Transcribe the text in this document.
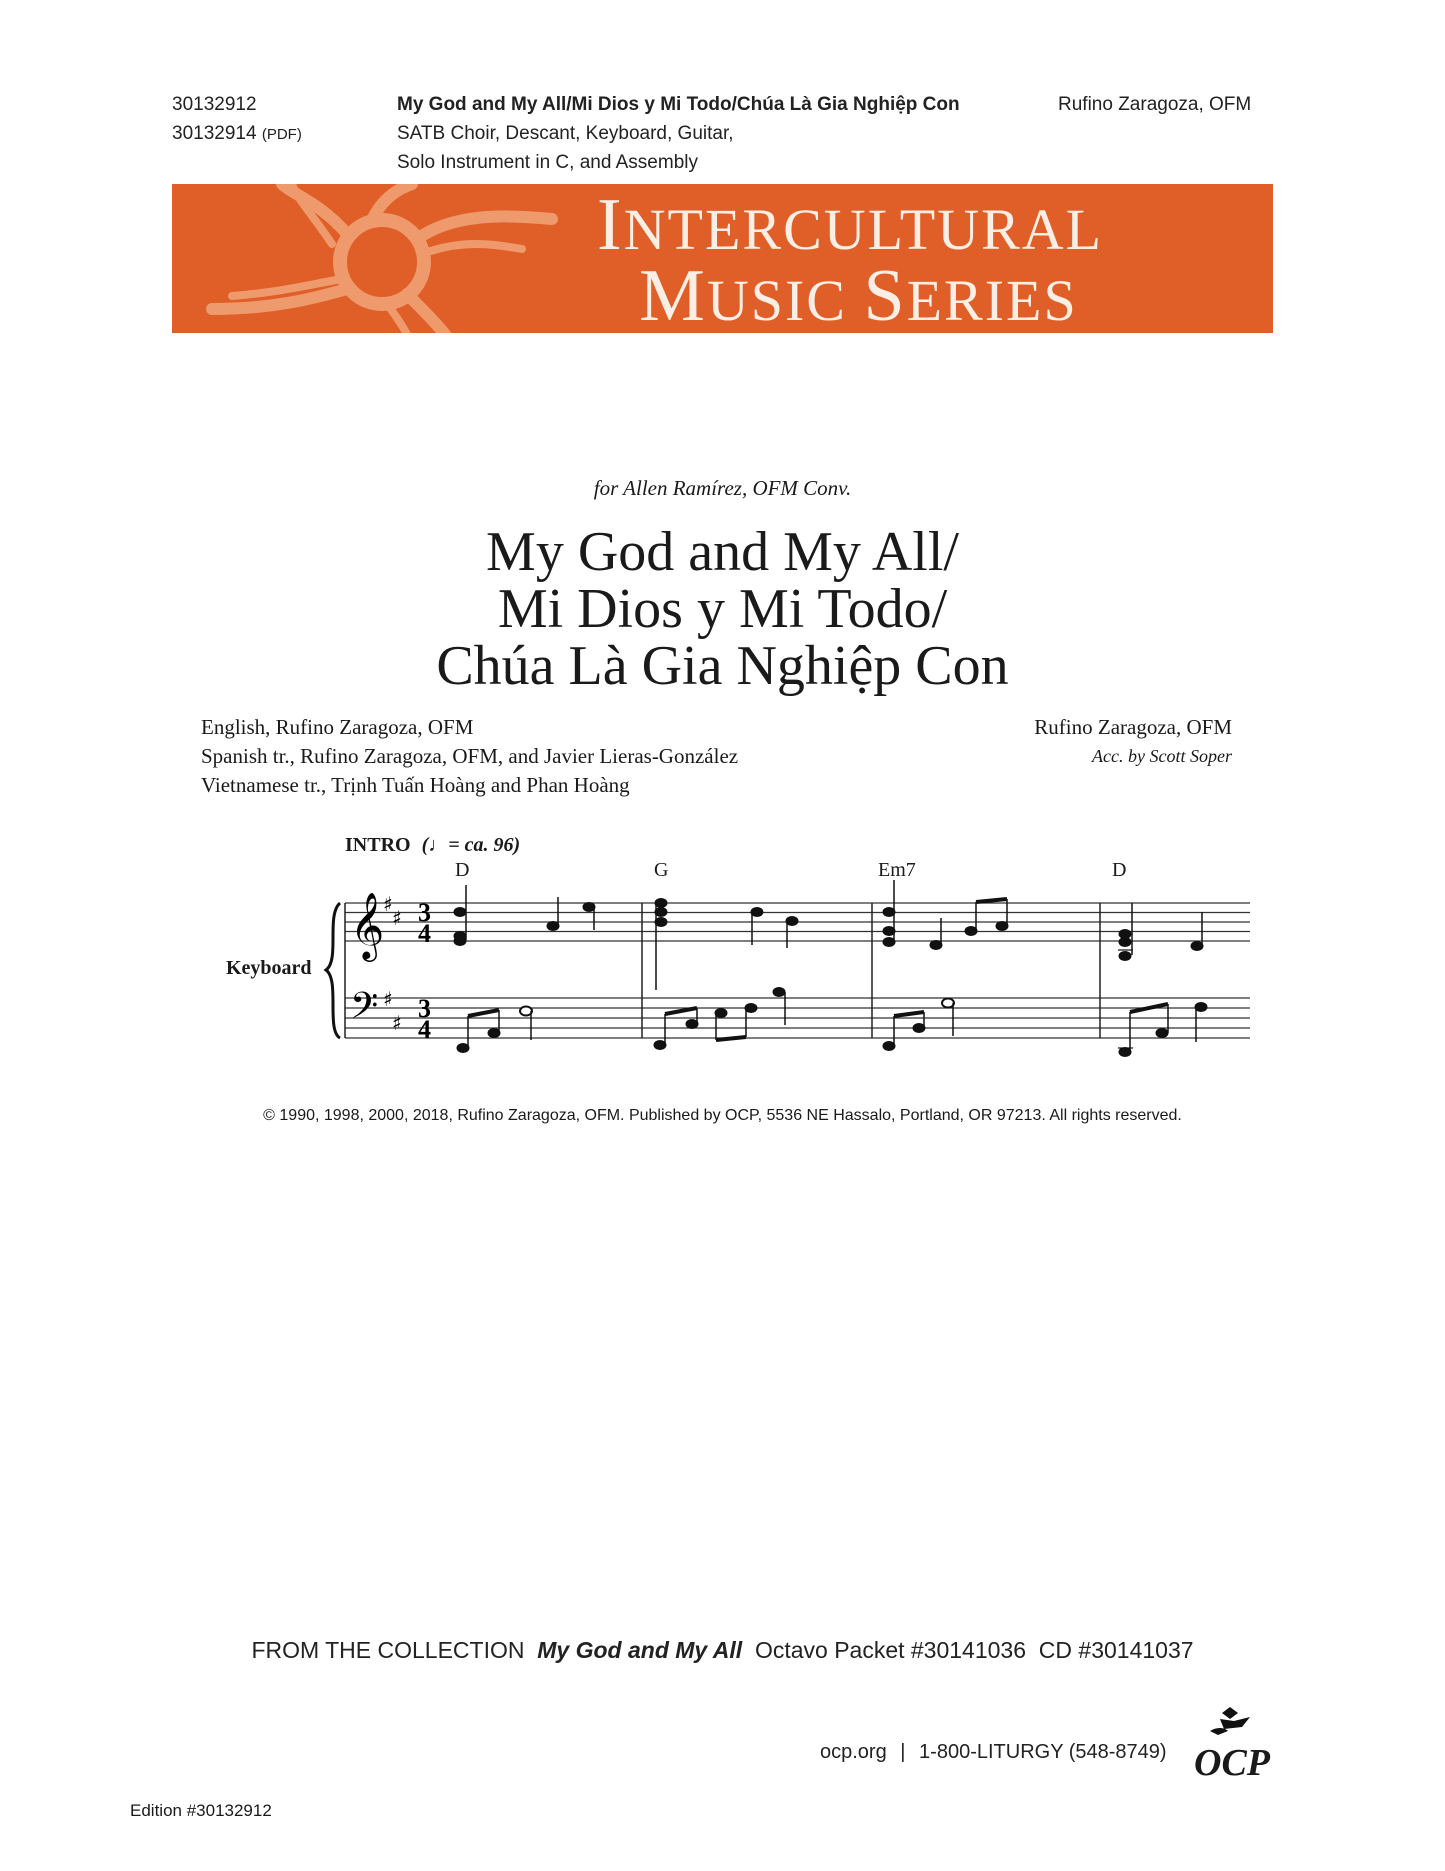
30132912
30132914 (PDF)
My God and My All/Mi Dios y Mi Todo/Chúa Là Gia Nghiệp Con
SATB Choir, Descant, Keyboard, Guitar,
Solo Instrument in C, and Assembly
Rufino Zaragoza, OFM
INTERCULTURAL
MUSIC SERIES
for Allen Ramírez, OFM Conv.
My God and My All/
Mi Dios y Mi Todo/
Chúa Là Gia Nghiệp Con
English, Rufino Zaragoza, OFM
Spanish tr., Rufino Zaragoza, OFM, and Javier Lieras-González
Vietnamese tr., Trịnh Tuấn Hoàng and Phan Hoàng
Rufino Zaragoza, OFM
Acc. by Scott Soper
INTRO (♩= ca. 96)
D	G	Em7	D
Keyboard
𝄞
𝄢
♯
♯
♯
♯
3
4
3
4
© 1990, 1998, 2000, 2018, Rufino Zaragoza, OFM. Published by OCP, 5536 NE Hassalo, Portland, OR 97213. All rights reserved.
FROM THE COLLECTION My God and My All Octavo Packet #30141036  CD #30141037
ocp.org | 1-800-LITURGY (548-8749) OCP
Edition #30132912
